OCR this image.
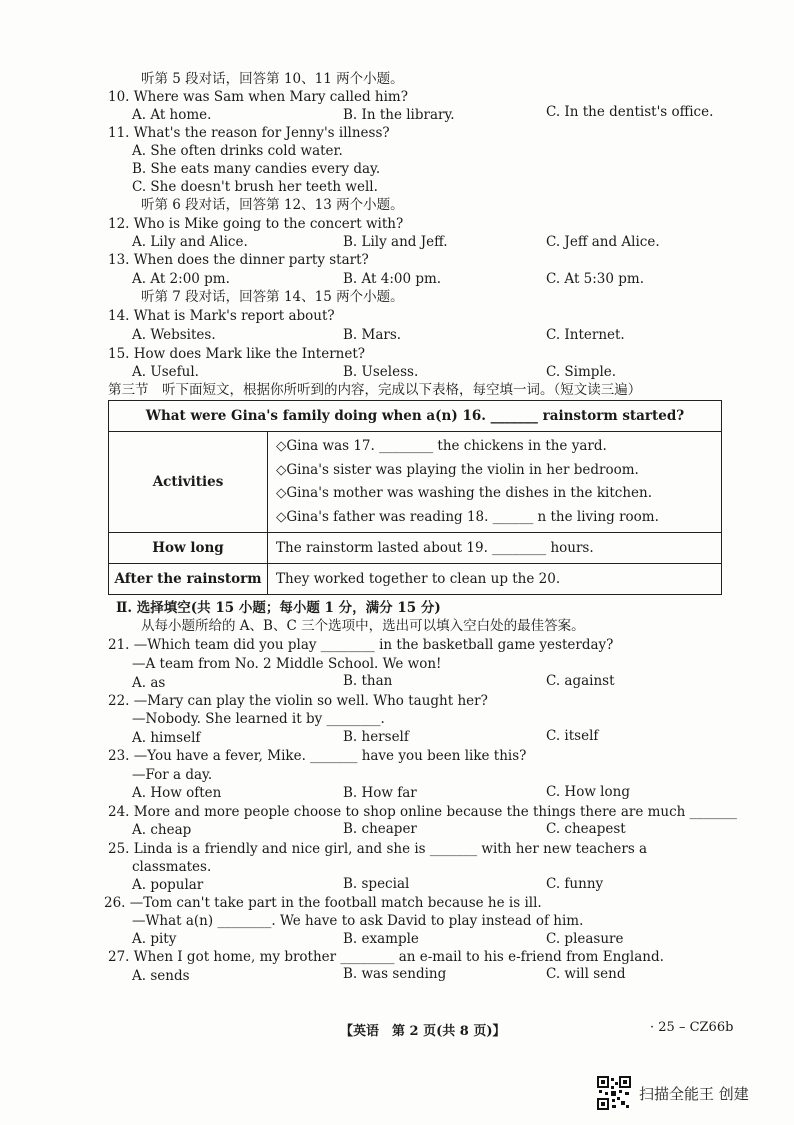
听第 5 段对话，回答第 10、11 两个小题。
10. Where was Sam when Mary called him?
A. At home.	B. In the library.	C. In the dentist's office.
11. What's the reason for Jenny's illness?
A. She often drinks cold water.
B. She eats many candies every day.
C. She doesn't brush her teeth well.
听第 6 段对话，回答第 12、13 两个小题。
12. Who is Mike going to the concert with?
A. Lily and Alice.	B. Lily and Jeff.	C. Jeff and Alice.
13. When does the dinner party start?
A. At 2:00 pm.	B. At 4:00 pm.	C. At 5:30 pm.
听第 7 段对话，回答第 14、15 两个小题。
14. What is Mark's report about?
A. Websites.	B. Mars.	C. Internet.
15. How does Mark like the Internet?
A. Useful.	B. Useless.	C. Simple.
第三节　听下面短文，根据你所听到的内容，完成以下表格，每空填一词。（短文读三遍）
What were Gina's family doing when a(n) 16. _______ rainstorm started?	
Activities	◇Gina was 17. ________ the chickens in the yard.
◇Gina's sister was playing the violin in her bedroom.
◇Gina's mother was washing the dishes in the kitchen.
◇Gina's father was reading 18. ______ n the living room.

How long	The rainstorm lasted about 19. ________ hours.
After the rainstorm	They worked together to clean up the 20.
Ⅱ. 选择填空(共 15 小题；每小题 1 分，满分 15 分)
从每小题所给的 A、B、C 三个选项中，选出可以填入空白处的最佳答案。
21. —Which team did you play ________ in the basketball game yesterday?
—A team from No. 2 Middle School. We won!
A. as	B. than	C. against
22. —Mary can play the violin so well. Who taught her?
—Nobody. She learned it by ________.
A. himself	B. herself	C. itself
23. —You have a fever, Mike. _______ have you been like this?
—For a day.
A. How often	B. How far	C. How long
24. More and more people choose to shop online because the things there are much _______
A. cheap	B. cheaper	C. cheapest
25. Linda is a friendly and nice girl, and she is _______ with her new teachers a
classmates.
A. popular	B. special	C. funny
26. —Tom can't take part in the football match because he is ill.
—What a(n) ________. We have to ask David to play instead of him.
A. pity	B. example	C. pleasure
27. When I got home, my brother ________ an e-mail to his e-friend from England.
A. sends	B. was sending	C. will send
【英语　第 2 页(共 8 页)】	· 25 – CZ66b
扫描全能王 创建
